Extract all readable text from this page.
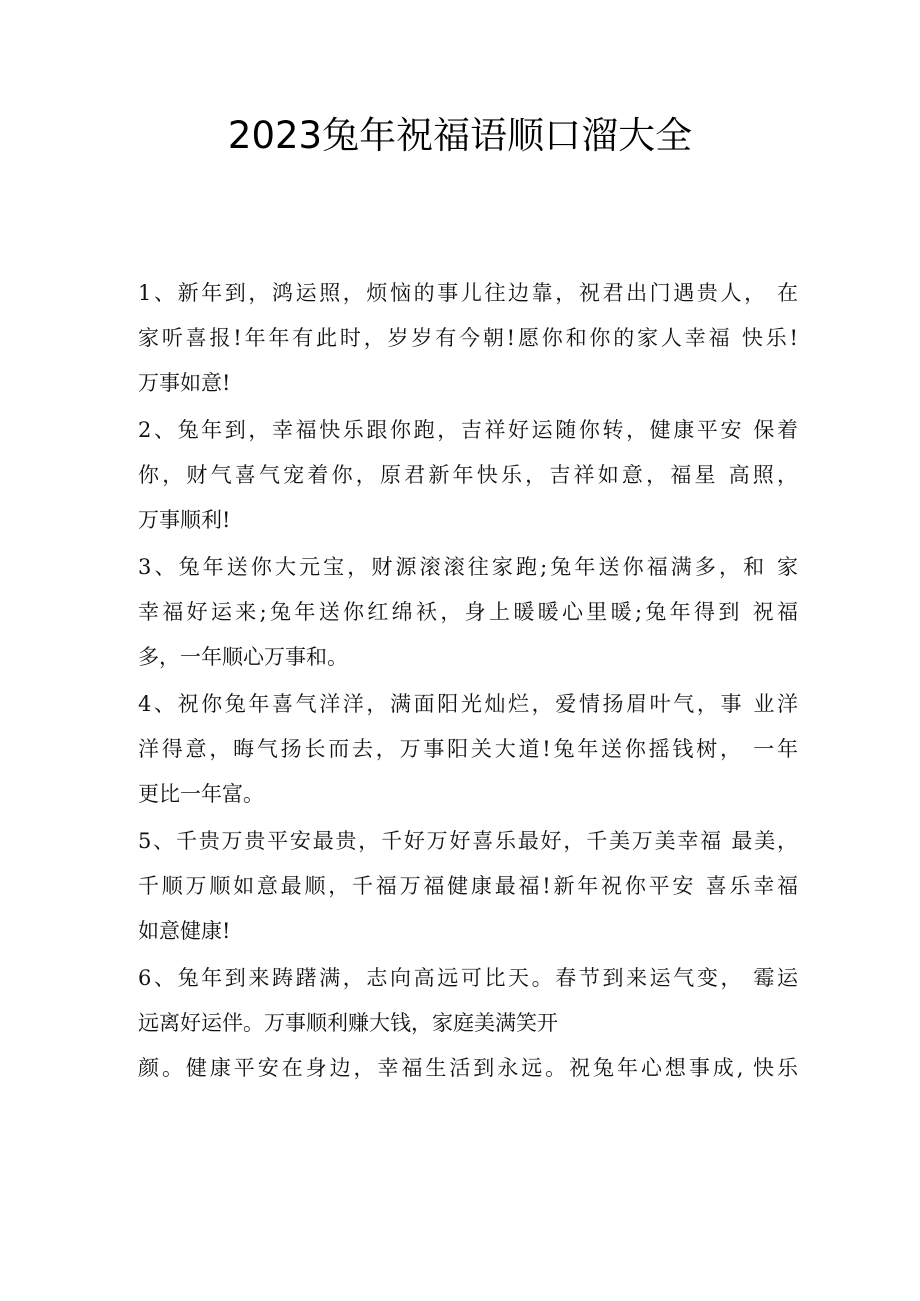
2023兔年祝福语顺口溜大全
1、新年到，鸿运照，烦恼的事儿往边靠，祝君出门遇贵人， 在
家听喜报!年年有此时，岁岁有今朝!愿你和你的家人幸福 快乐!
万事如意!
2、兔年到，幸福快乐跟你跑，吉祥好运随你转，健康平安 保着
你，财气喜气宠着你，原君新年快乐，吉祥如意，福星 高照，
万事顺利!
3、兔年送你大元宝，财源滚滚往家跑;兔年送你福满多，和 家
幸福好运来;兔年送你红绵袄，身上暖暖心里暖;兔年得到 祝福
多，一年顺心万事和。
4、祝你兔年喜气洋洋，满面阳光灿烂，爱情扬眉叶气，事 业洋
洋得意，晦气扬长而去，万事阳关大道!兔年送你摇钱树， 一年
更比一年富。
5、千贵万贵平安最贵，千好万好喜乐最好，千美万美幸福 最美，
千顺万顺如意最顺，千福万福健康最福!新年祝你平安 喜乐幸福
如意健康!
6、兔年到来踌躇满，志向高远可比天。春节到来运气变， 霉运
远离好运伴。万事顺利赚大钱，家庭美满笑开
颜。健康平安在身边，幸福生活到永远。祝兔年心想事成, 快乐
